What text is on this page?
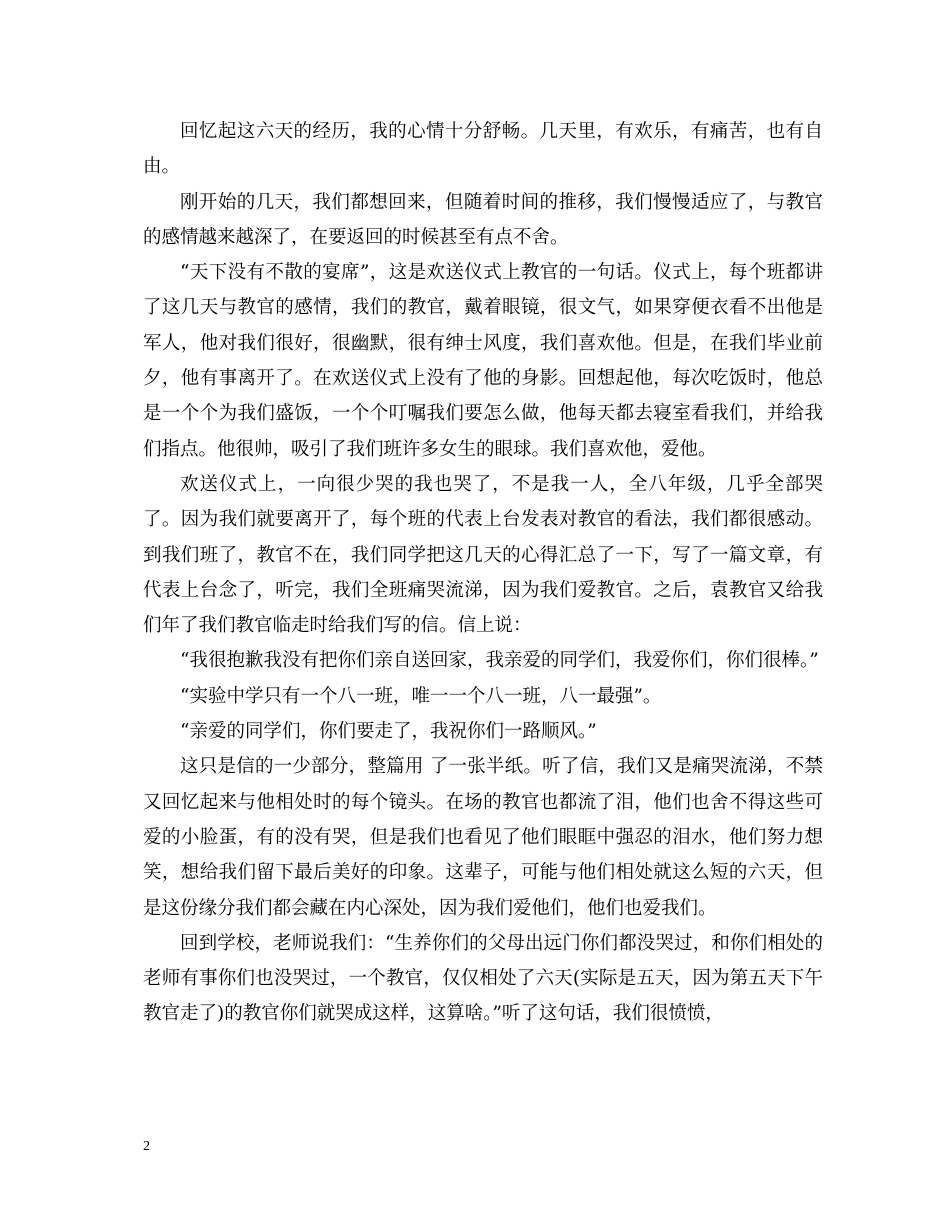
回忆起这六天的经历，我的心情十分舒畅。几天里，有欢乐，有痛苦，也有自由。

刚开始的几天，我们都想回来，但随着时间的推移，我们慢慢适应了，与教官的感情越来越深了，在要返回的时候甚至有点不舍。

“天下没有不散的宴席”，这是欢送仪式上教官的一句话。仪式上，每个班都讲了这几天与教官的感情，我们的教官，戴着眼镜，很文气，如果穿便衣看不出他是军人，他对我们很好，很幽默，很有绅士风度，我们喜欢他。但是，在我们毕业前夕，他有事离开了。在欢送仪式上没有了他的身影。回想起他，每次吃饭时，他总是一个个为我们盛饭，一个个叮嘱我们要怎么做，他每天都去寝室看我们，并给我们指点。他很帅，吸引了我们班许多女生的眼球。我们喜欢他，爱他。

欢送仪式上，一向很少哭的我也哭了，不是我一人，全八年级，几乎全部哭了。因为我们就要离开了，每个班的代表上台发表对教官的看法，我们都很感动。到我们班了，教官不在，我们同学把这几天的心得汇总了一下，写了一篇文章，有代表上台念了，听完，我们全班痛哭流涕，因为我们爱教官。之后，袁教官又给我们年了我们教官临走时给我们写的信。信上说：

“我很抱歉我没有把你们亲自送回家，我亲爱的同学们，我爱你们，你们很棒。”

“实验中学只有一个八一班，唯一一个八一班，八一最强”。

“亲爱的同学们，你们要走了，我祝你们一路顺风。”

这只是信的一少部分，整篇用 了一张半纸。听了信，我们又是痛哭流涕，不禁又回忆起来与他相处时的每个镜头。在场的教官也都流了泪，他们也舍不得这些可爱的小脸蛋，有的没有哭，但是我们也看见了他们眼眶中强忍的泪水，他们努力想笑，想给我们留下最后美好的印象。这辈子，可能与他们相处就这么短的六天，但是这份缘分我们都会藏在内心深处，因为我们爱他们，他们也爱我们。

回到学校，老师说我们：“生养你们的父母出远门你们都没哭过，和你们相处的老师有事你们也没哭过，一个教官，仅仅相处了六天(实际是五天，因为第五天下午教官走了)的教官你们就哭成这样，这算啥。”听了这句话，我们很愤愤，

2
